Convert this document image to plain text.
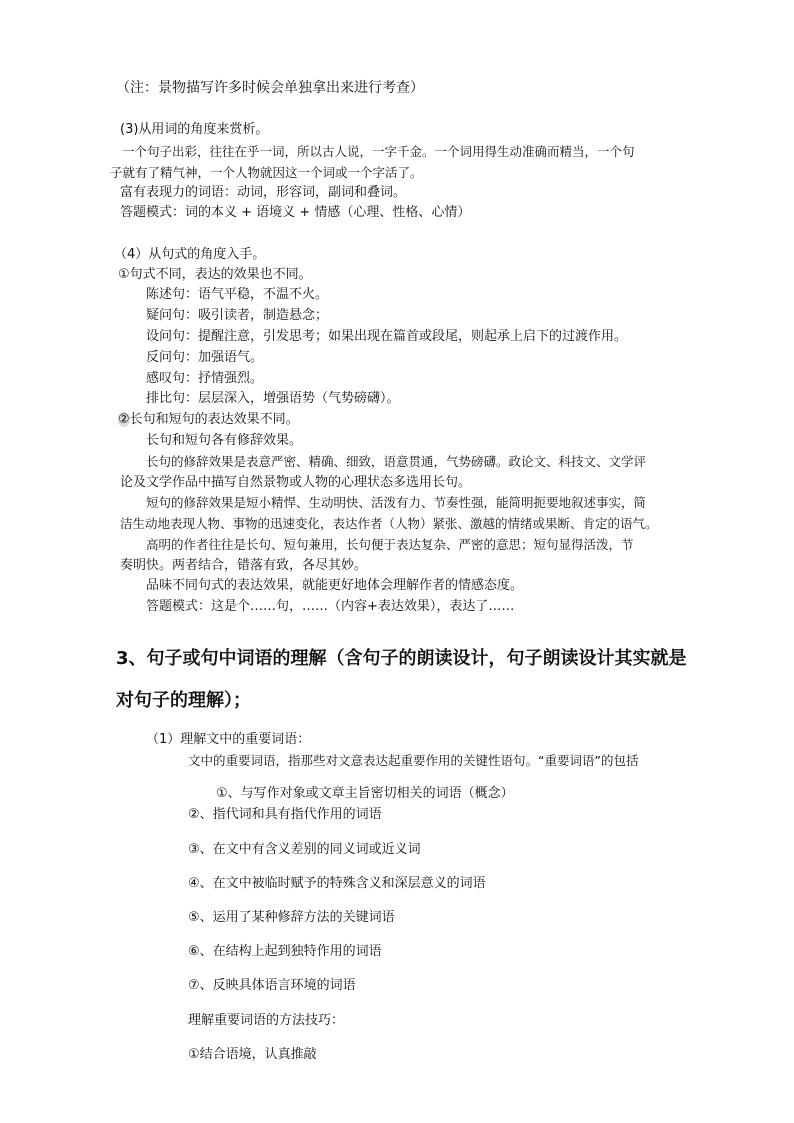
（注：景物描写许多时候会单独拿出来进行考查）

(3)从用词的角度来赏析。

一个句子出彩，往往在乎一词，所以古人说，一字千金。一个词用得生动准确而精当，一个句

子就有了精气神，一个人物就因这一个词或一个字活了。

富有表现力的词语：动词，形容词，副词和叠词。

答题模式：词的本义 + 语境义 + 情感（心理、性格、心情）

（4）从句式的角度入手。

①句式不同，表达的效果也不同。

陈述句：语气平稳，不温不火。

疑问句：吸引读者，制造悬念；

设问句：提醒注意，引发思考；如果出现在篇首或段尾，则起承上启下的过渡作用。

反问句：加强语气。

感叹句：抒情强烈。

排比句：层层深入，增强语势（气势磅礴）。

②长句和短句的表达效果不同。

长句和短句各有修辞效果。

长句的修辞效果是表意严密、精确、细致，语意贯通，气势磅礴。政论文、科技文、文学评

论及文学作品中描写自然景物或人物的心理状态多选用长句。

短句的修辞效果是短小精悍、生动明快、活泼有力、节奏性强，能简明扼要地叙述事实，简

洁生动地表现人物、事物的迅速变化，表达作者（人物）紧张、激越的情绪或果断、肯定的语气。

高明的作者往往是长句、短句兼用，长句便于表达复杂、严密的意思；短句显得活泼，节

奏明快。两者结合，错落有致，各尽其妙。

品味不同句式的表达效果，就能更好地体会理解作者的情感态度。

答题模式：这是个……句，……（内容+表达效果），表达了……

3、句子或句中词语的理解（含句子的朗读设计，句子朗读设计其实就是

对句子的理解）；

（1）理解文中的重要词语：

文中的重要词语，指那些对文意表达起重要作用的关键性语句。“重要词语”的包括

①、与写作对象或文章主旨密切相关的词语（概念）

②、指代词和具有指代作用的词语

③、在文中有含义差别的同义词或近义词

④、在文中被临时赋予的特殊含义和深层意义的词语

⑤、运用了某种修辞方法的关键词语

⑥、在结构上起到独特作用的词语

⑦、反映具体语言环境的词语

理解重要词语的方法技巧：

①结合语境，认真推敲
